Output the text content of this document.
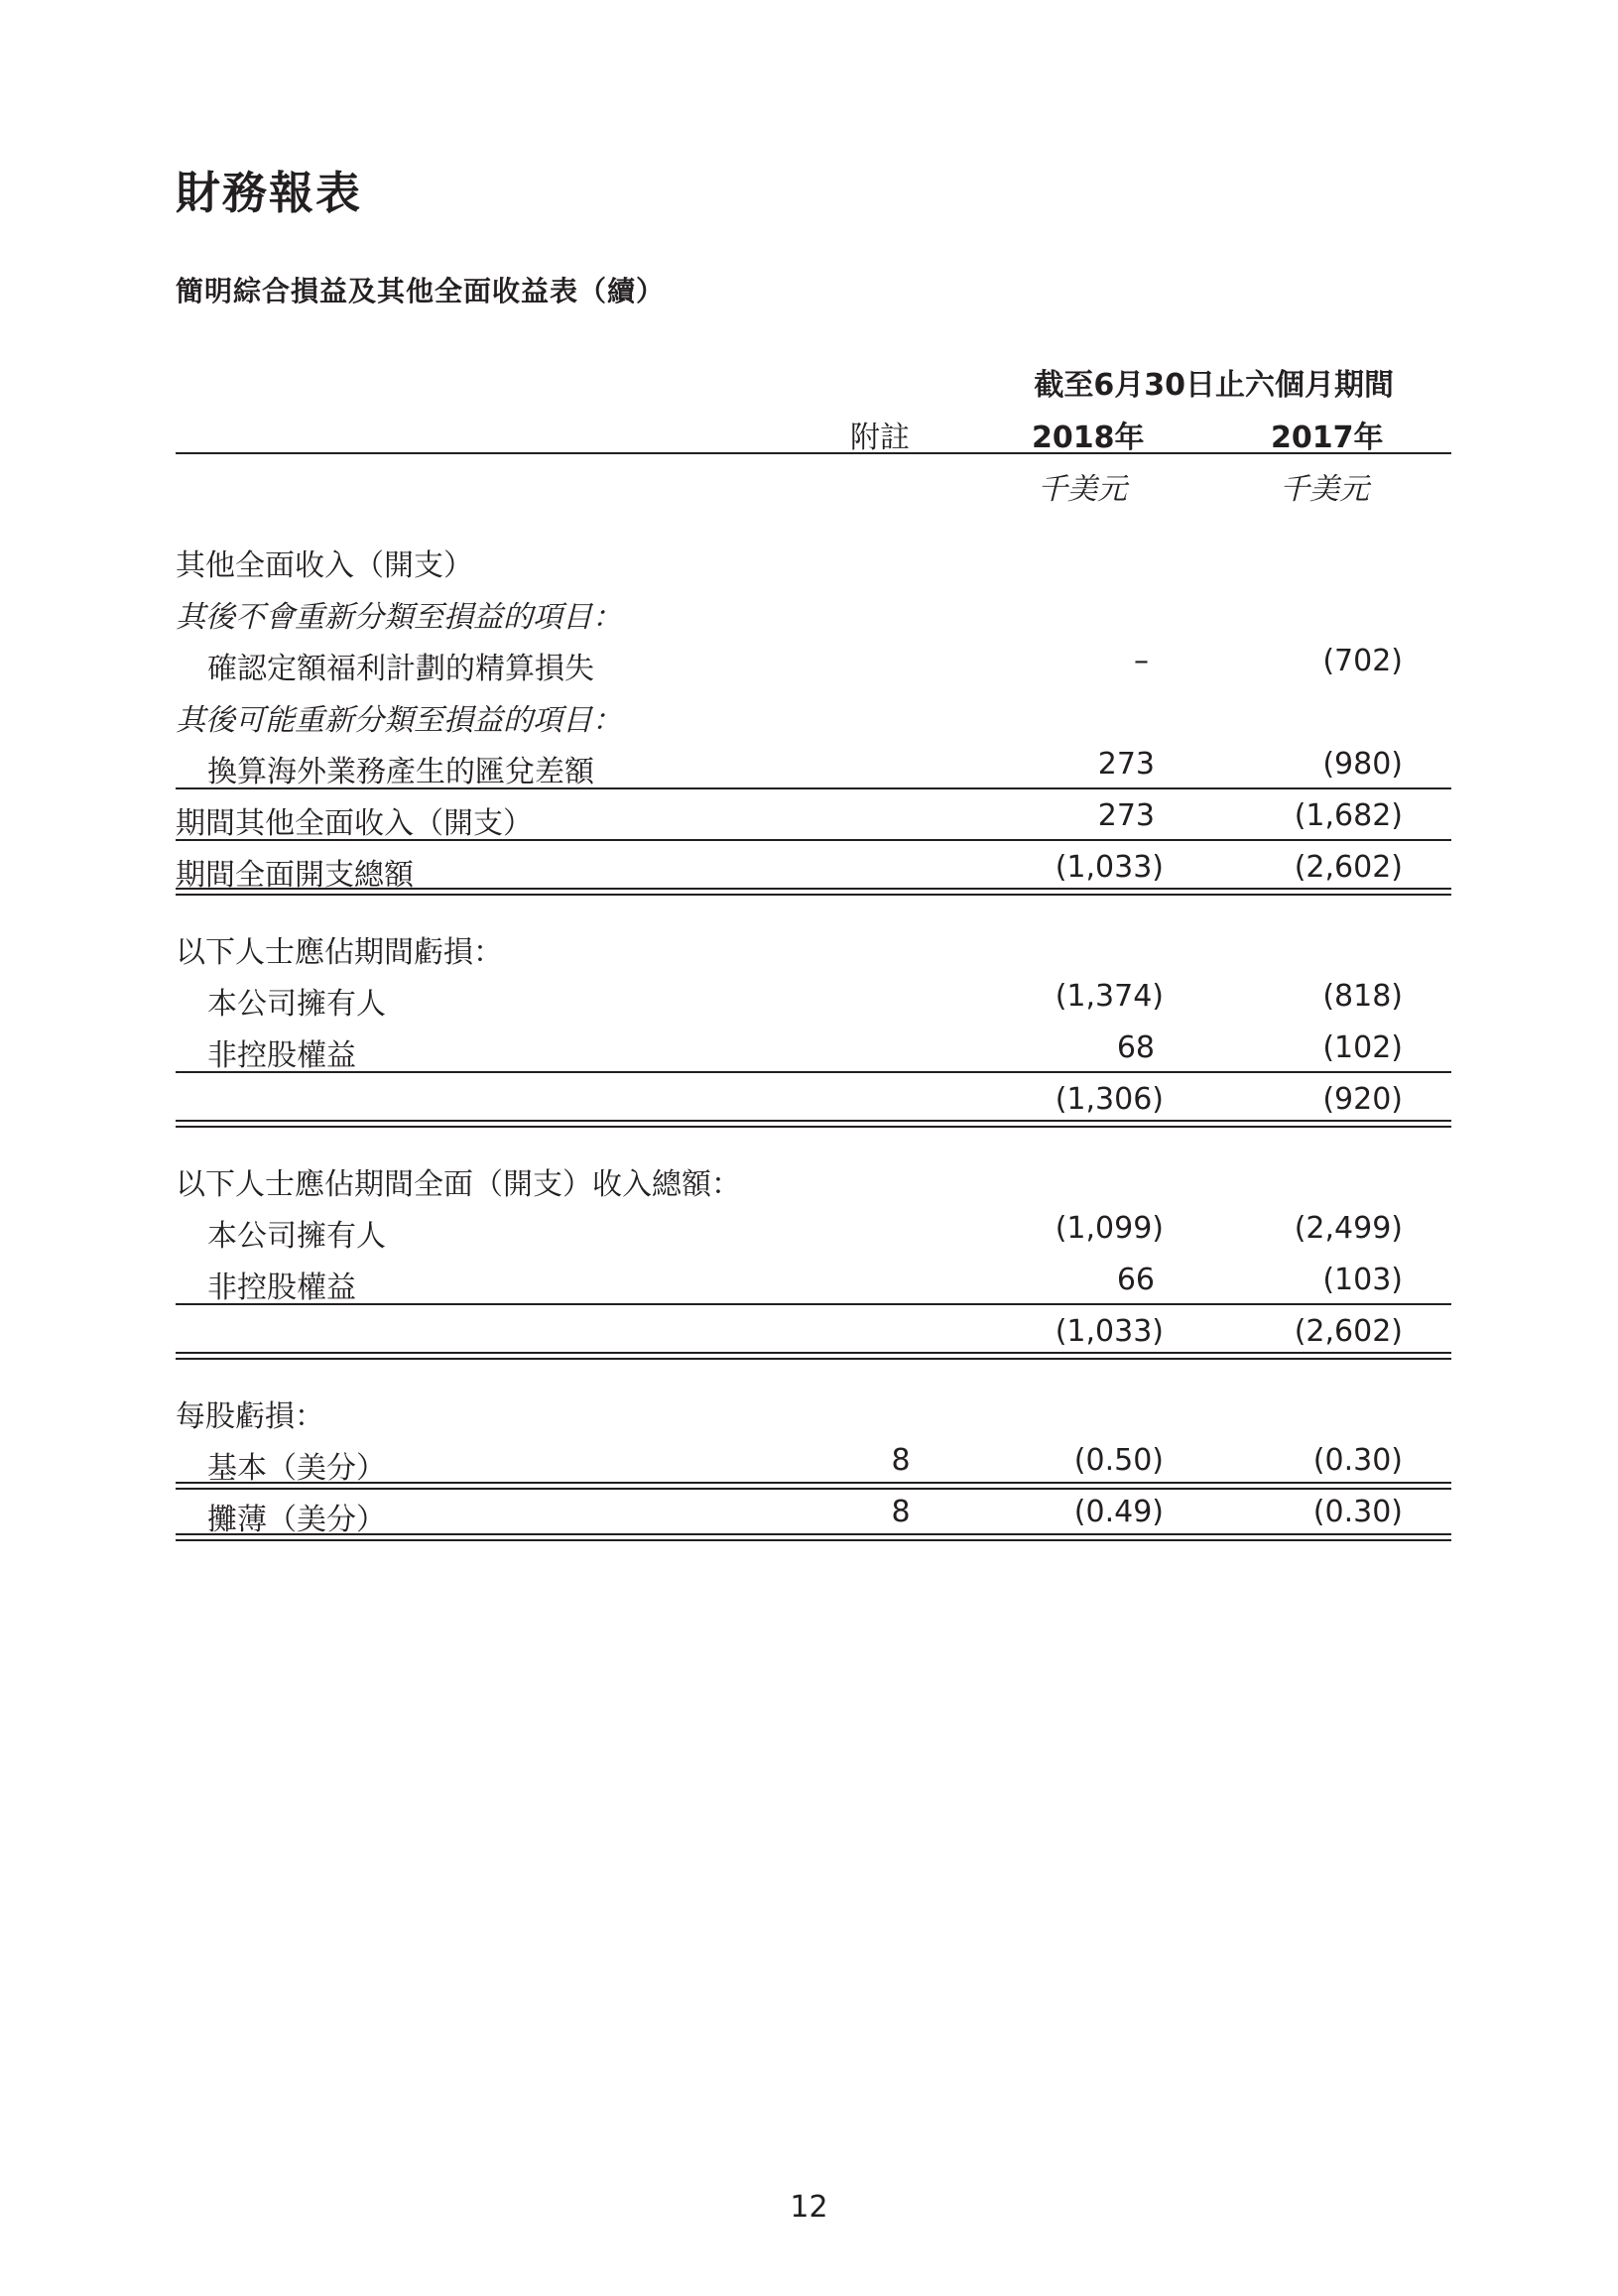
財務報表
簡明綜合損益及其他全面收益表（續）
截至6月30日止六個月期間
附註	2018年	2017年
千美元	千美元
其他全面收入（開支）
其後不會重新分類至損益的項目：
確認定額福利計劃的精算損失	–	(702)
其後可能重新分類至損益的項目：
換算海外業務產生的匯兌差額	273	(980)
期間其他全面收入（開支）	273	(1,682)
期間全面開支總額	(1,033)	(2,602)
以下人士應佔期間虧損：
本公司擁有人	(1,374)	(818)
非控股權益	68	(102)
(1,306)	(920)
以下人士應佔期間全面（開支）收入總額：
本公司擁有人	(1,099)	(2,499)
非控股權益	66	(103)
(1,033)	(2,602)
每股虧損：
基本（美分）	8	(0.50)	(0.30)
攤薄（美分）	8	(0.49)	(0.30)
12
